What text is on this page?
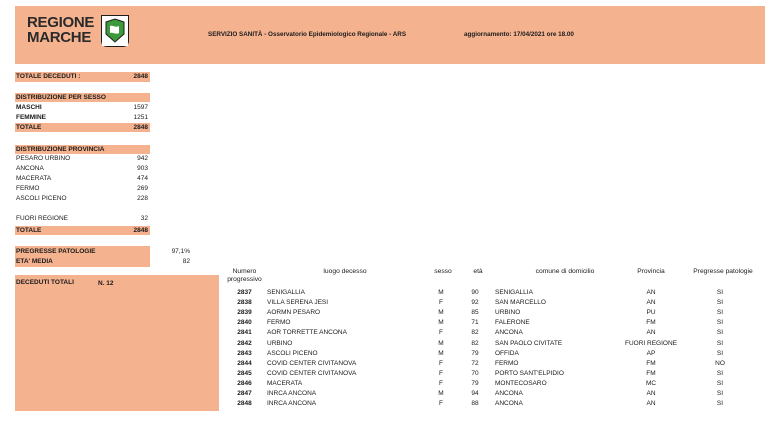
REGIONE
MARCHE	SERVIZIO SANITÀ - Osservatorio Epidemiologico Regionale - ARS	aggiornamento: 17/04/2021 ore 18.00
TOTALE DECEDUTI :	2848
DISTRIBUZIONE PER SESSO
MASCHI	1597
FEMMINE	1251
TOTALE	2848
DISTRIBUZIONE PROVINCIA
PESARO URBINO	942
ANCONA	903
MACERATA	474
FERMO	269
ASCOLI PICENO	228
FUORI REGIONE	32
TOTALE	2848
PREGRESSE PATOLOGIE	97,1%
ETA' MEDIA	82
DECEDUTI TOTALI	N. 12
Numero
progressivo
luogo decesso	sesso	età	comune di domicilio	Provincia	Pregresse patologie
2837	SENIGALLIA	M	90	SENIGALLIA	AN	SI
2838	VILLA SERENA JESI	F	92	SAN MARCELLO	AN	SI
2839	AORMN PESARO	M	85	URBINO	PU	SI
2840	FERMO	M	71	FALERONE	FM	SI
2841	AOR TORRETTE ANCONA	F	82	ANCONA	AN	SI
2842	URBINO	M	82	SAN PAOLO CIVITATE	FUORI REGIONE	SI
2843	ASCOLI PICENO	M	79	OFFIDA	AP	SI
2844	COVID CENTER CIVITANOVA	F	72	FERMO	FM	NO
2845	COVID CENTER CIVITANOVA	F	70	PORTO SANT'ELPIDIO	FM	SI
2846	MACERATA	F	79	MONTECOSARO	MC	SI
2847	INRCA ANCONA	M	94	ANCONA	AN	SI
2848	INRCA ANCONA	F	88	ANCONA	AN	SI
